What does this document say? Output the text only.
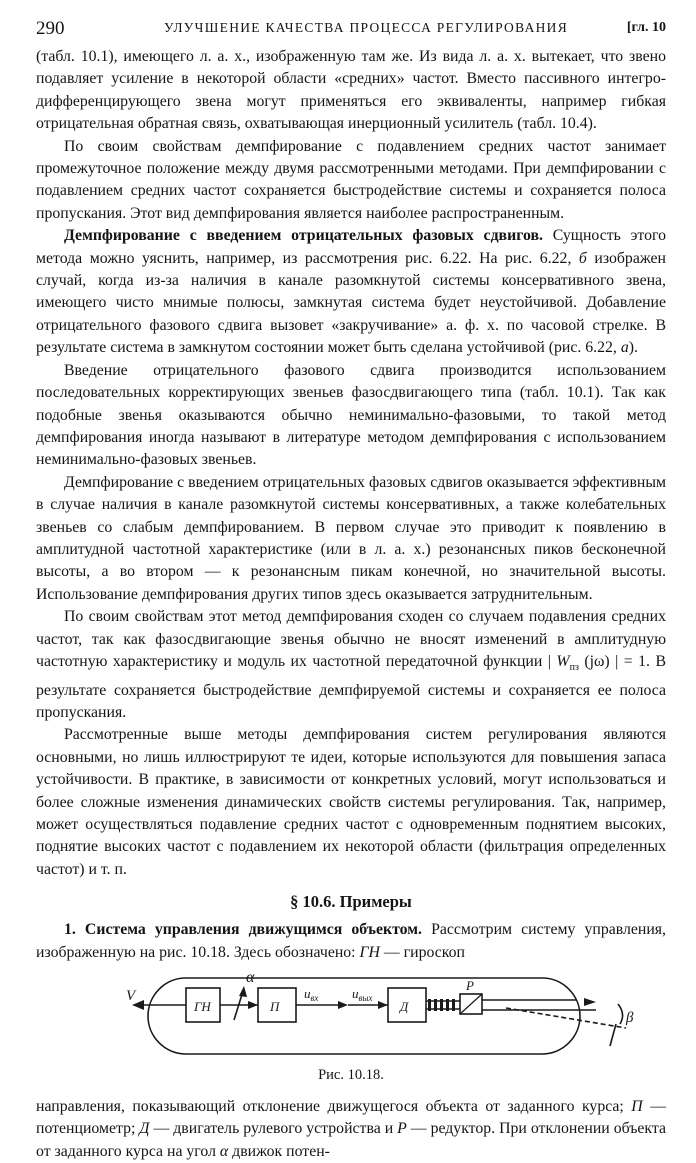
290	УЛУЧШЕНИЕ КАЧЕСТВА ПРОЦЕССА РЕГУЛИРОВАНИЯ	[гл. 10

(табл. 10.1), имеющего л. а. х., изображенную там же. Из вида л. а. х. вытекает, что звено подавляет усиление в некоторой области «средних» частот. Вместо пассивного интегро-дифференцирующего звена могут применяться его эквиваленты, например гибкая отрицательная обратная связь, охватывающая инерционный усилитель (табл. 10.4).

По своим свойствам демпфирование с подавлением средних частот занимает промежуточное положение между двумя рассмотренными методами. При демпфировании с подавлением средних частот сохраняется быстродействие системы и сохраняется полоса пропускания. Этот вид демпфирования является наиболее распространенным.

Демпфирование с введением отрицательных фазовых сдвигов. Сущность этого метода можно уяснить, например, из рассмотрения рис. 6.22. На рис. 6.22, б изображен случай, когда из-за наличия в канале разомкнутой системы консервативного звена, имеющего чисто мнимые полюсы, замкнутая система будет неустойчивой. Добавление отрицательного фазового сдвига вызовет «закручивание» а. ф. х. по часовой стрелке. В результате система в замкнутом состоянии может быть сделана устойчивой (рис. 6.22, а).

Введение отрицательного фазового сдвига производится использованием последовательных корректирующих звеньев фазосдвигающего типа (табл. 10.1). Так как подобные звенья оказываются обычно неминимально-фазовыми, то такой метод демпфирования иногда называют в литературе методом демпфирования с использованием неминимально-фазовых звеньев.

Демпфирование с введением отрицательных фазовых сдвигов оказывается эффективным в случае наличия в канале разомкнутой системы консервативных, а также колебательных звеньев со слабым демпфированием. В первом случае это приводит к появлению в амплитудной частотной характеристике (или в л. а. х.) резонансных пиков бесконечной высоты, а во втором — к резонансным пикам конечной, но значительной высоты. Использование демпфирования других типов здесь оказывается затруднительным.

По своим свойствам этот метод демпфирования сходен со случаем подавления средних частот, так как фазосдвигающие звенья обычно не вносят изменений в амплитудную частотную характеристику и модуль их частотной передаточной функции | $W_{пз}$ (jω) | = 1. В результате сохраняется быстродействие демпфируемой системы и сохраняется ее полоса пропускания.

Рассмотренные выше методы демпфирования систем регулирования являются основными, но лишь иллюстрируют те идеи, которые используются для повышения запаса устойчивости. В практике, в зависимости от конкретных условий, могут использоваться и более сложные изменения динамических свойств системы регулирования. Так, например, может осуществляться подавление средних частот с одновременным поднятием высоких, поднятие высоких частот с подавлением их некоторой области (фильтрация определенных частот) и т. п.

§ 10.6. Примеры

1. Система управления движущимся объектом. Рассмотрим систему управления, изображенную на рис. 10.18. Здесь обозначено: ГН — гироскоп

V
ГН	П	Д
Р
α
β
$u_{вх}$	$u_{вых}$
Рис. 10.18.

направления, показывающий отклонение движущегося объекта от заданного курса; П — потенциометр; Д — двигатель рулевого устройства и Р — редуктор. При отклонении объекта от заданного курса на угол α движок потен-
